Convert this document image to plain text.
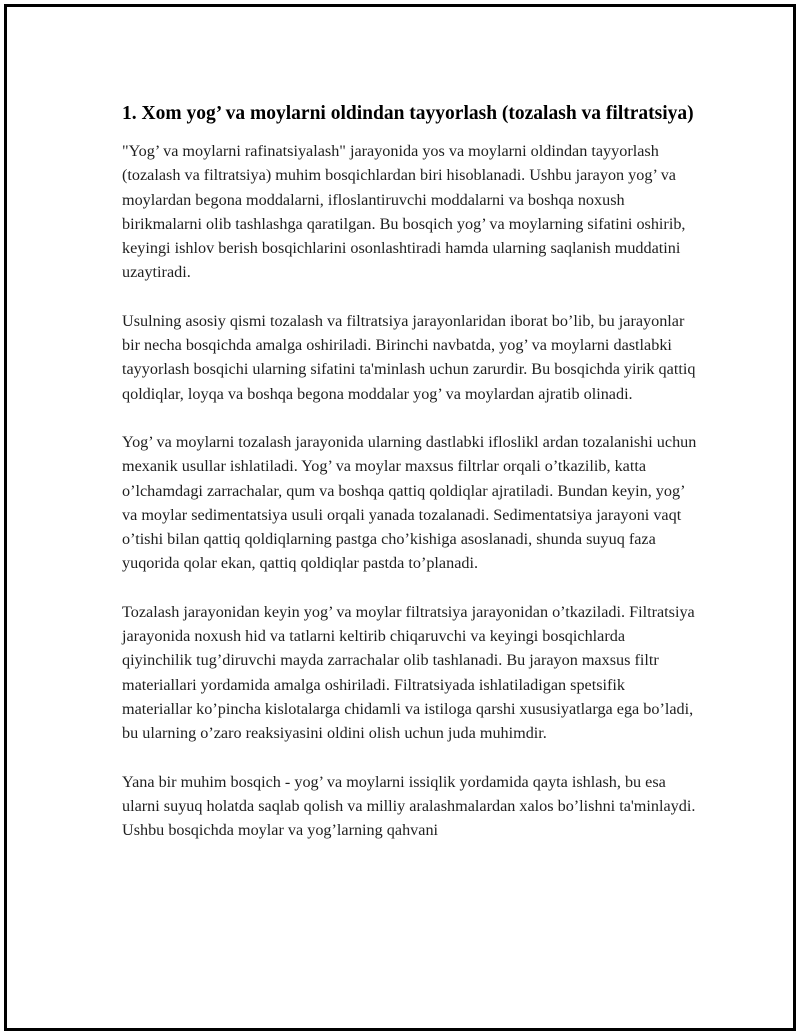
1. Xom yog’ va moylarni oldindan tayyorlash (tozalash va filtratsiya)

"Yog’ va moylarni rafinatsiyalash" jarayonida yos va moylarni oldindan tayyorlash (tozalash va filtratsiya) muhim bosqichlardan biri hisoblanadi. Ushbu jarayon yog’ va moylardan begona moddalarni, ifloslantiruvchi moddalarni va boshqa noxush birikmalarni olib tashlashga qaratilgan. Bu bosqich yog’ va moylarning sifatini oshirib, keyingi ishlov berish bosqichlarini osonlashtiradi hamda ularning saqlanish muddatini uzaytiradi.

Usulning asosiy qismi tozalash va filtratsiya jarayonlaridan iborat bo’lib, bu jarayonlar bir necha bosqichda amalga oshiriladi. Birinchi navbatda, yog’ va moylarni dastlabki tayyorlash bosqichi ularning sifatini ta'minlash uchun zarurdir. Bu bosqichda yirik qattiq qoldiqlar, loyqa va boshqa begona moddalar yog’ va moylardan ajratib olinadi.

Yog’ va moylarni tozalash jarayonida ularning dastlabki ifloslikl ardan tozalanishi uchun mexanik usullar ishlatiladi. Yog’ va moylar maxsus filtrlar orqali o’tkazilib, katta o’lchamdagi zarrachalar, qum va boshqa qattiq qoldiqlar ajratiladi. Bundan keyin, yog’ va moylar sedimentatsiya usuli orqali yanada tozalanadi. Sedimentatsiya jarayoni vaqt o’tishi bilan qattiq qoldiqlarning pastga cho’kishiga asoslanadi, shunda suyuq faza yuqorida qolar ekan, qattiq qoldiqlar pastda to’planadi.

Tozalash jarayonidan keyin yog’ va moylar filtratsiya jarayonidan o’tkaziladi. Filtratsiya jarayonida noxush hid va tatlarni keltirib chiqaruvchi va keyingi bosqichlarda qiyinchilik tug’diruvchi mayda zarrachalar olib tashlanadi. Bu jarayon maxsus filtr materiallari yordamida amalga oshiriladi. Filtratsiyada ishlatiladigan spetsifik materiallar ko’pincha kislotalarga chidamli va istiloga qarshi xususiyatlarga ega bo’ladi, bu ularning o’zaro reaksiyasini oldini olish uchun juda muhimdir.

Yana bir muhim bosqich - yog’ va moylarni issiqlik yordamida qayta ishlash, bu esa ularni suyuq holatda saqlab qolish va milliy aralashmalardan xalos bo’lishni ta'minlaydi. Ushbu bosqichda moylar va yog’larning qahvani
